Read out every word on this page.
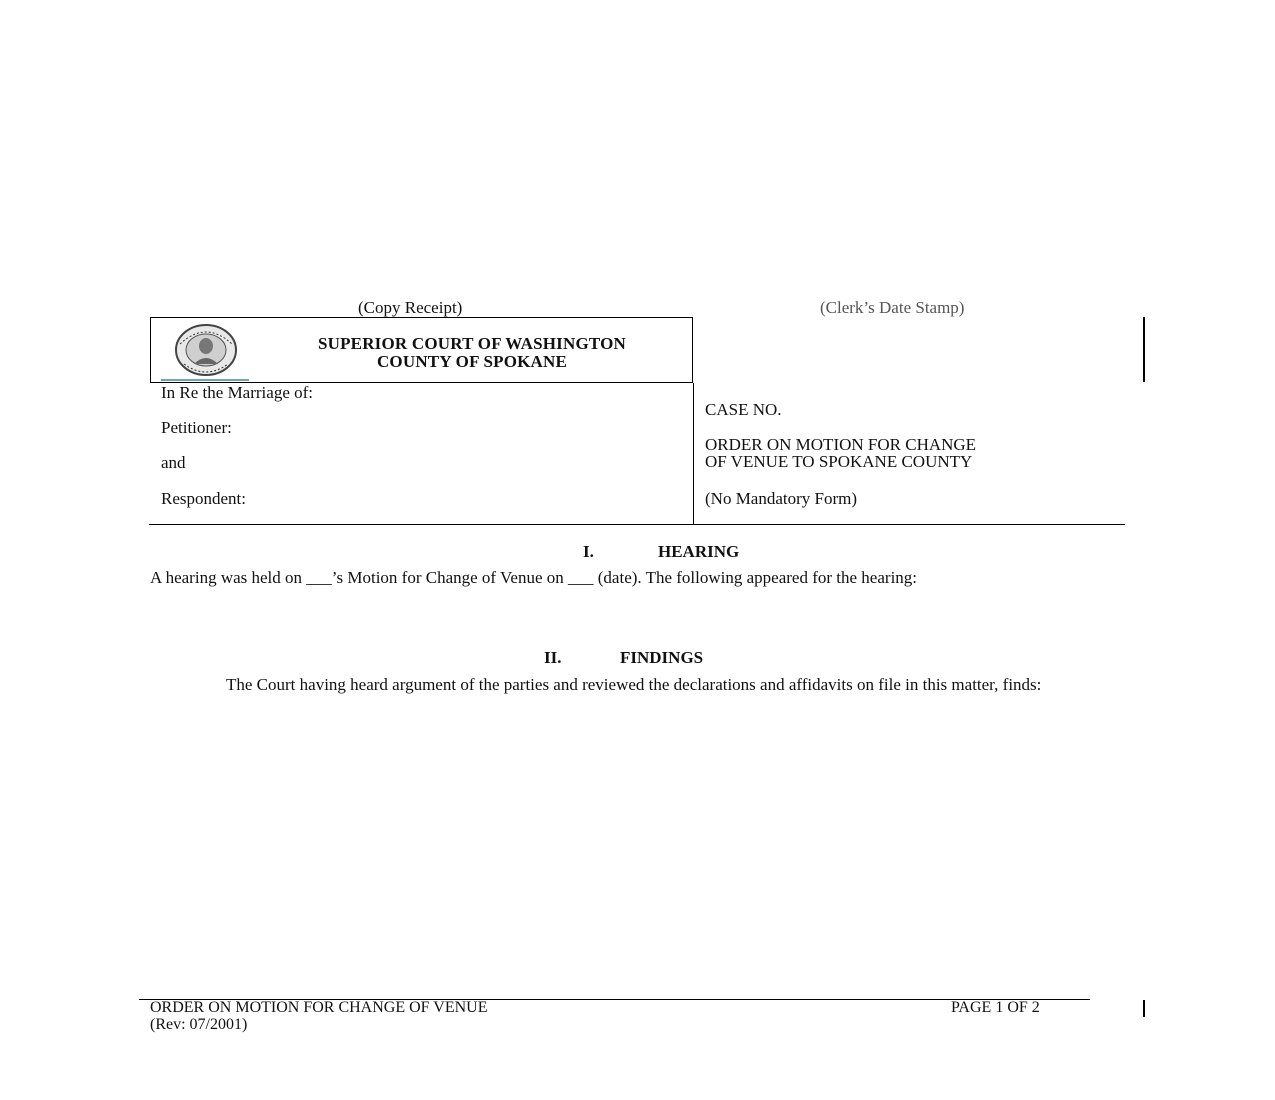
(Copy Receipt)	(Clerk’s Date Stamp)
SUPERIOR COURT OF WASHINGTON
COUNTY OF SPOKANE
In Re the Marriage of:
Petitioner:
and
Respondent:
CASE NO.
ORDER ON MOTION FOR CHANGE
OF VENUE TO SPOKANE COUNTY
(No Mandatory Form)
I.	HEARING
A hearing was held on ___’s Motion for Change of Venue on ___ (date). The following appeared for the hearing:
II.	FINDINGS
The Court having heard argument of the parties and reviewed the declarations and affidavits on file in this matter, finds:
ORDER ON MOTION FOR CHANGE OF VENUE
(Rev: 07/2001)
PAGE 1 OF 2
